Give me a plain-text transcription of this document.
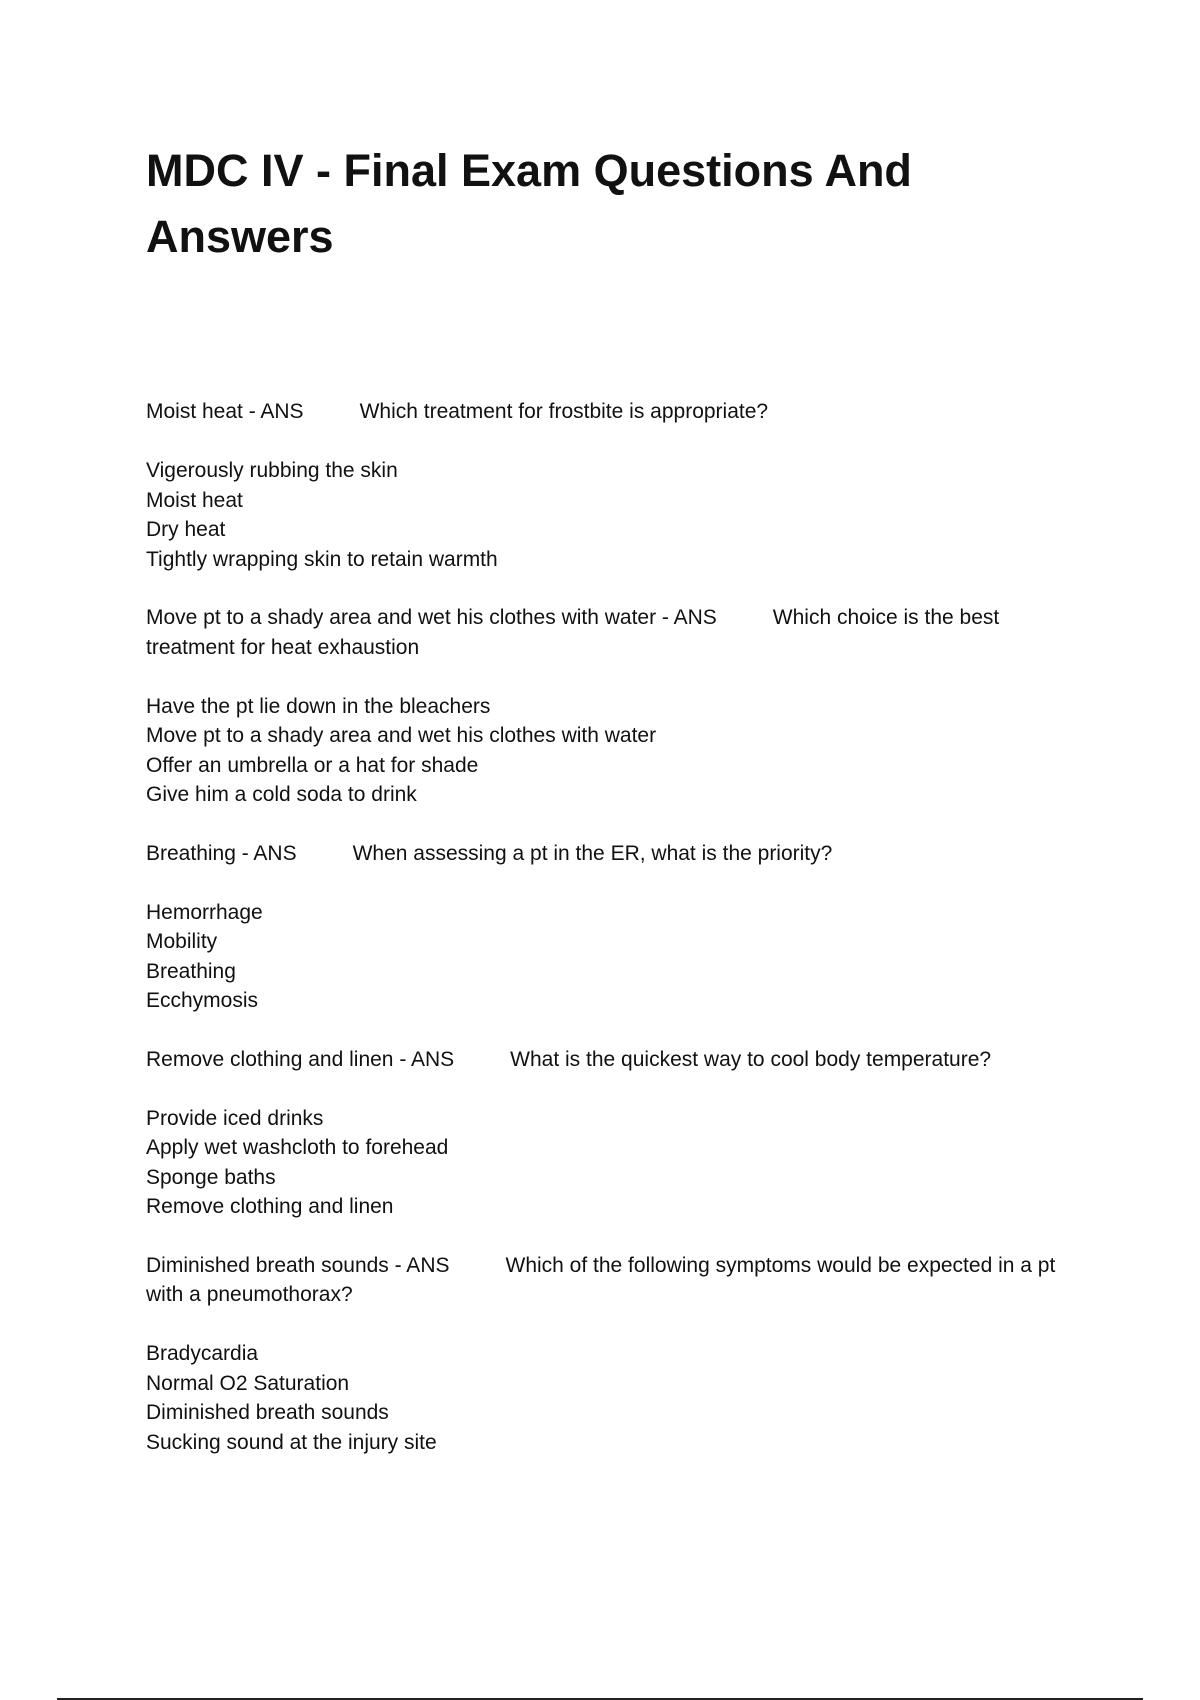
MDC IV - Final Exam Questions And Answers
Moist heat - ANS	Which treatment for frostbite is appropriate?
Vigerously rubbing the skin
Moist heat
Dry heat
Tightly wrapping skin to retain warmth
Move pt to a shady area and wet his clothes with water - ANS	Which choice is the best treatment for heat exhaustion
Have the pt lie down in the bleachers
Move pt to a shady area and wet his clothes with water
Offer an umbrella or a hat for shade
Give him a cold soda to drink
Breathing - ANS	When assessing a pt in the ER, what is the priority?
Hemorrhage
Mobility
Breathing
Ecchymosis
Remove clothing and linen - ANS	What is the quickest way to cool body temperature?
Provide iced drinks
Apply wet washcloth to forehead
Sponge baths
Remove clothing and linen
Diminished breath sounds - ANS	Which of the following symptoms would be expected in a pt with a pneumothorax?
Bradycardia
Normal O2 Saturation
Diminished breath sounds
Sucking sound at the injury site
